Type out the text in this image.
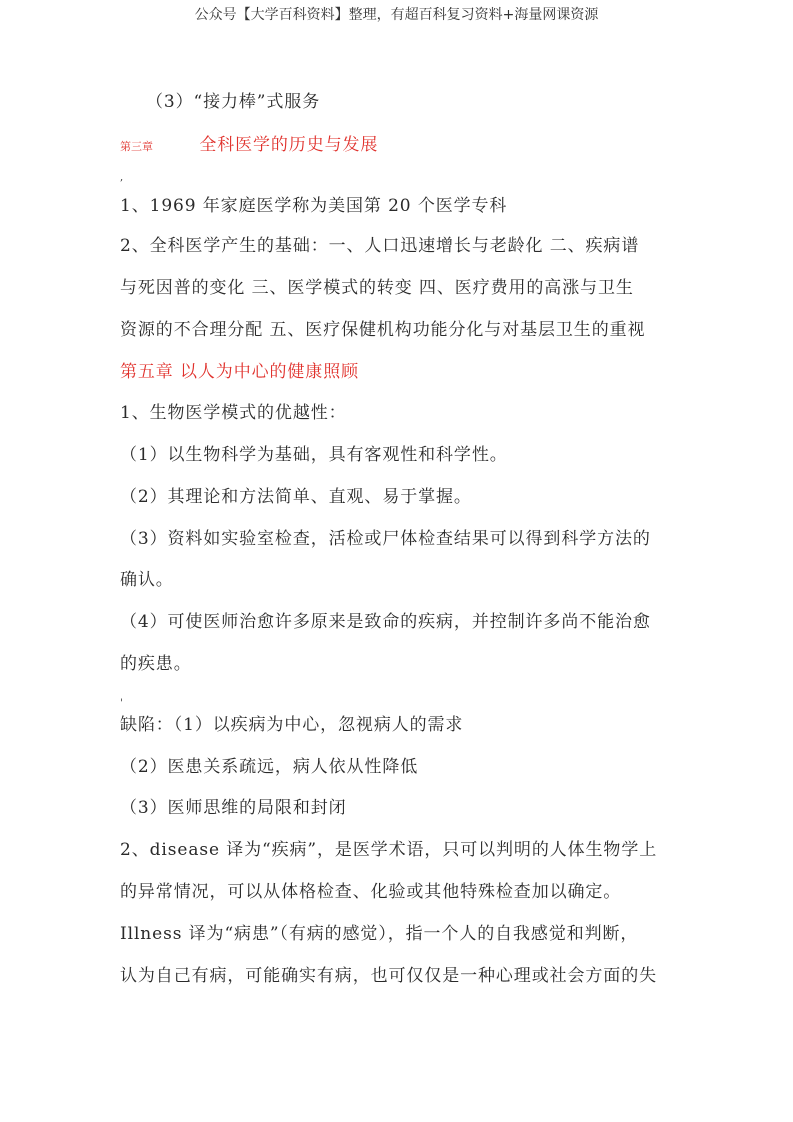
公众号【大学百科资料】整理，有超百科复习资料+海量网课资源
（3）“接力棒”式服务
第三章	全科医学的历史与发展
,
1、1969 年家庭医学称为美国第 20 个医学专科
2、全科医学产生的基础：一、人口迅速增长与老龄化 二、疾病谱
与死因普的变化 三、医学模式的转变 四、医疗费用的高涨与卫生
资源的不合理分配 五、医疗保健机构功能分化与对基层卫生的重视
第五章 以人为中心的健康照顾
1、生物医学模式的优越性：
（1）以生物科学为基础，具有客观性和科学性。
（2）其理论和方法简单、直观、易于掌握。
（3）资料如实验室检查，活检或尸体检查结果可以得到科学方法的
确认。
（4）可使医师治愈许多原来是致命的疾病，并控制许多尚不能治愈
的疾患。
'
缺陷：（1）以疾病为中心，忽视病人的需求
（2）医患关系疏远，病人依从性降低
（3）医师思维的局限和封闭
2、disease 译为“疾病”，是医学术语，只可以判明的人体生物学上
的异常情况，可以从体格检查、化验或其他特殊检查加以确定。
Illness 译为“病患”（有病的感觉），指一个人的自我感觉和判断，
认为自己有病，可能确实有病，也可仅仅是一种心理或社会方面的失
